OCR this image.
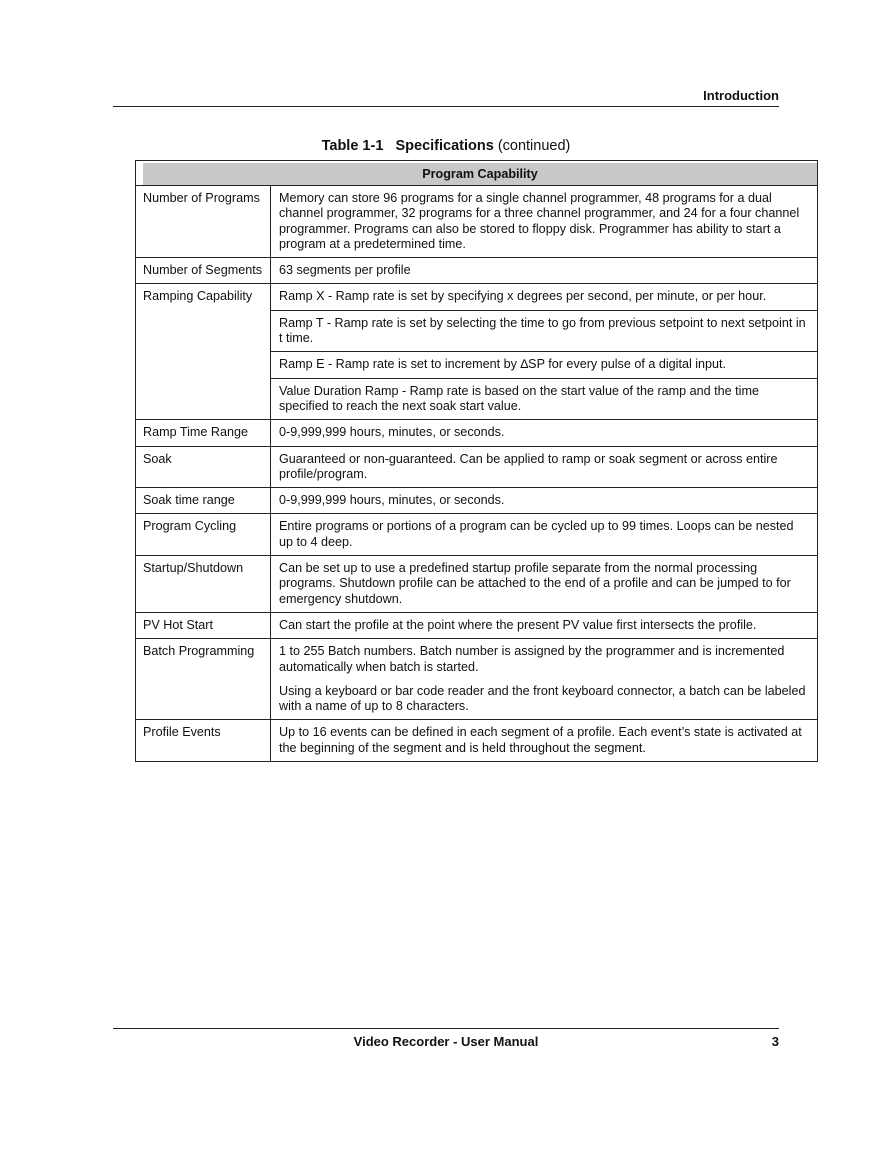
Introduction
Table 1-1   Specifications (continued)
Program Capability	

Number of Programs	Memory can store 96 programs for a single channel programmer, 48 programs for a dual channel programmer, 32 programs for a three channel programmer, and 24 for a four channel programmer. Programs can also be stored to floppy disk. Programmer has ability to start a program at a predetermined time.
Number of Segments	63 segments per profile
Ramping Capability	Ramp X - Ramp rate is set by specifying x degrees per second, per minute, or per hour.
	Ramp T - Ramp rate is set by selecting the time to go from previous setpoint to next setpoint in t time.
	Ramp E - Ramp rate is set to increment by ∆SP for every pulse of a digital input.
	Value Duration Ramp - Ramp rate is based on the start value of the ramp and the time specified to reach the next soak start value.
Ramp Time Range	0-9,999,999 hours, minutes, or seconds.
Soak	Guaranteed or non-guaranteed. Can be applied to ramp or soak segment or across entire profile/program.
Soak time range	0-9,999,999 hours, minutes, or seconds.
Program Cycling	Entire programs or portions of a program can be cycled up to 99 times. Loops can be nested up to 4 deep.
Startup/Shutdown	Can be set up to use a predefined startup profile separate from the normal processing programs. Shutdown profile can be attached to the end of a profile and can be jumped to for emergency shutdown.
PV Hot Start	Can start the profile at the point where the present PV value first intersects the profile.
Batch Programming	1 to 255 Batch numbers. Batch number is assigned by the programmer and is incremented automatically when batch is started.
Using a keyboard or bar code reader and the front keyboard connector, a batch can be labeled with a name of up to 8 characters.

Profile Events	Up to 16 events can be defined in each segment of a profile. Each event’s state is activated at the beginning of the segment and is held throughout the segment.
Video Recorder - User Manual	3
